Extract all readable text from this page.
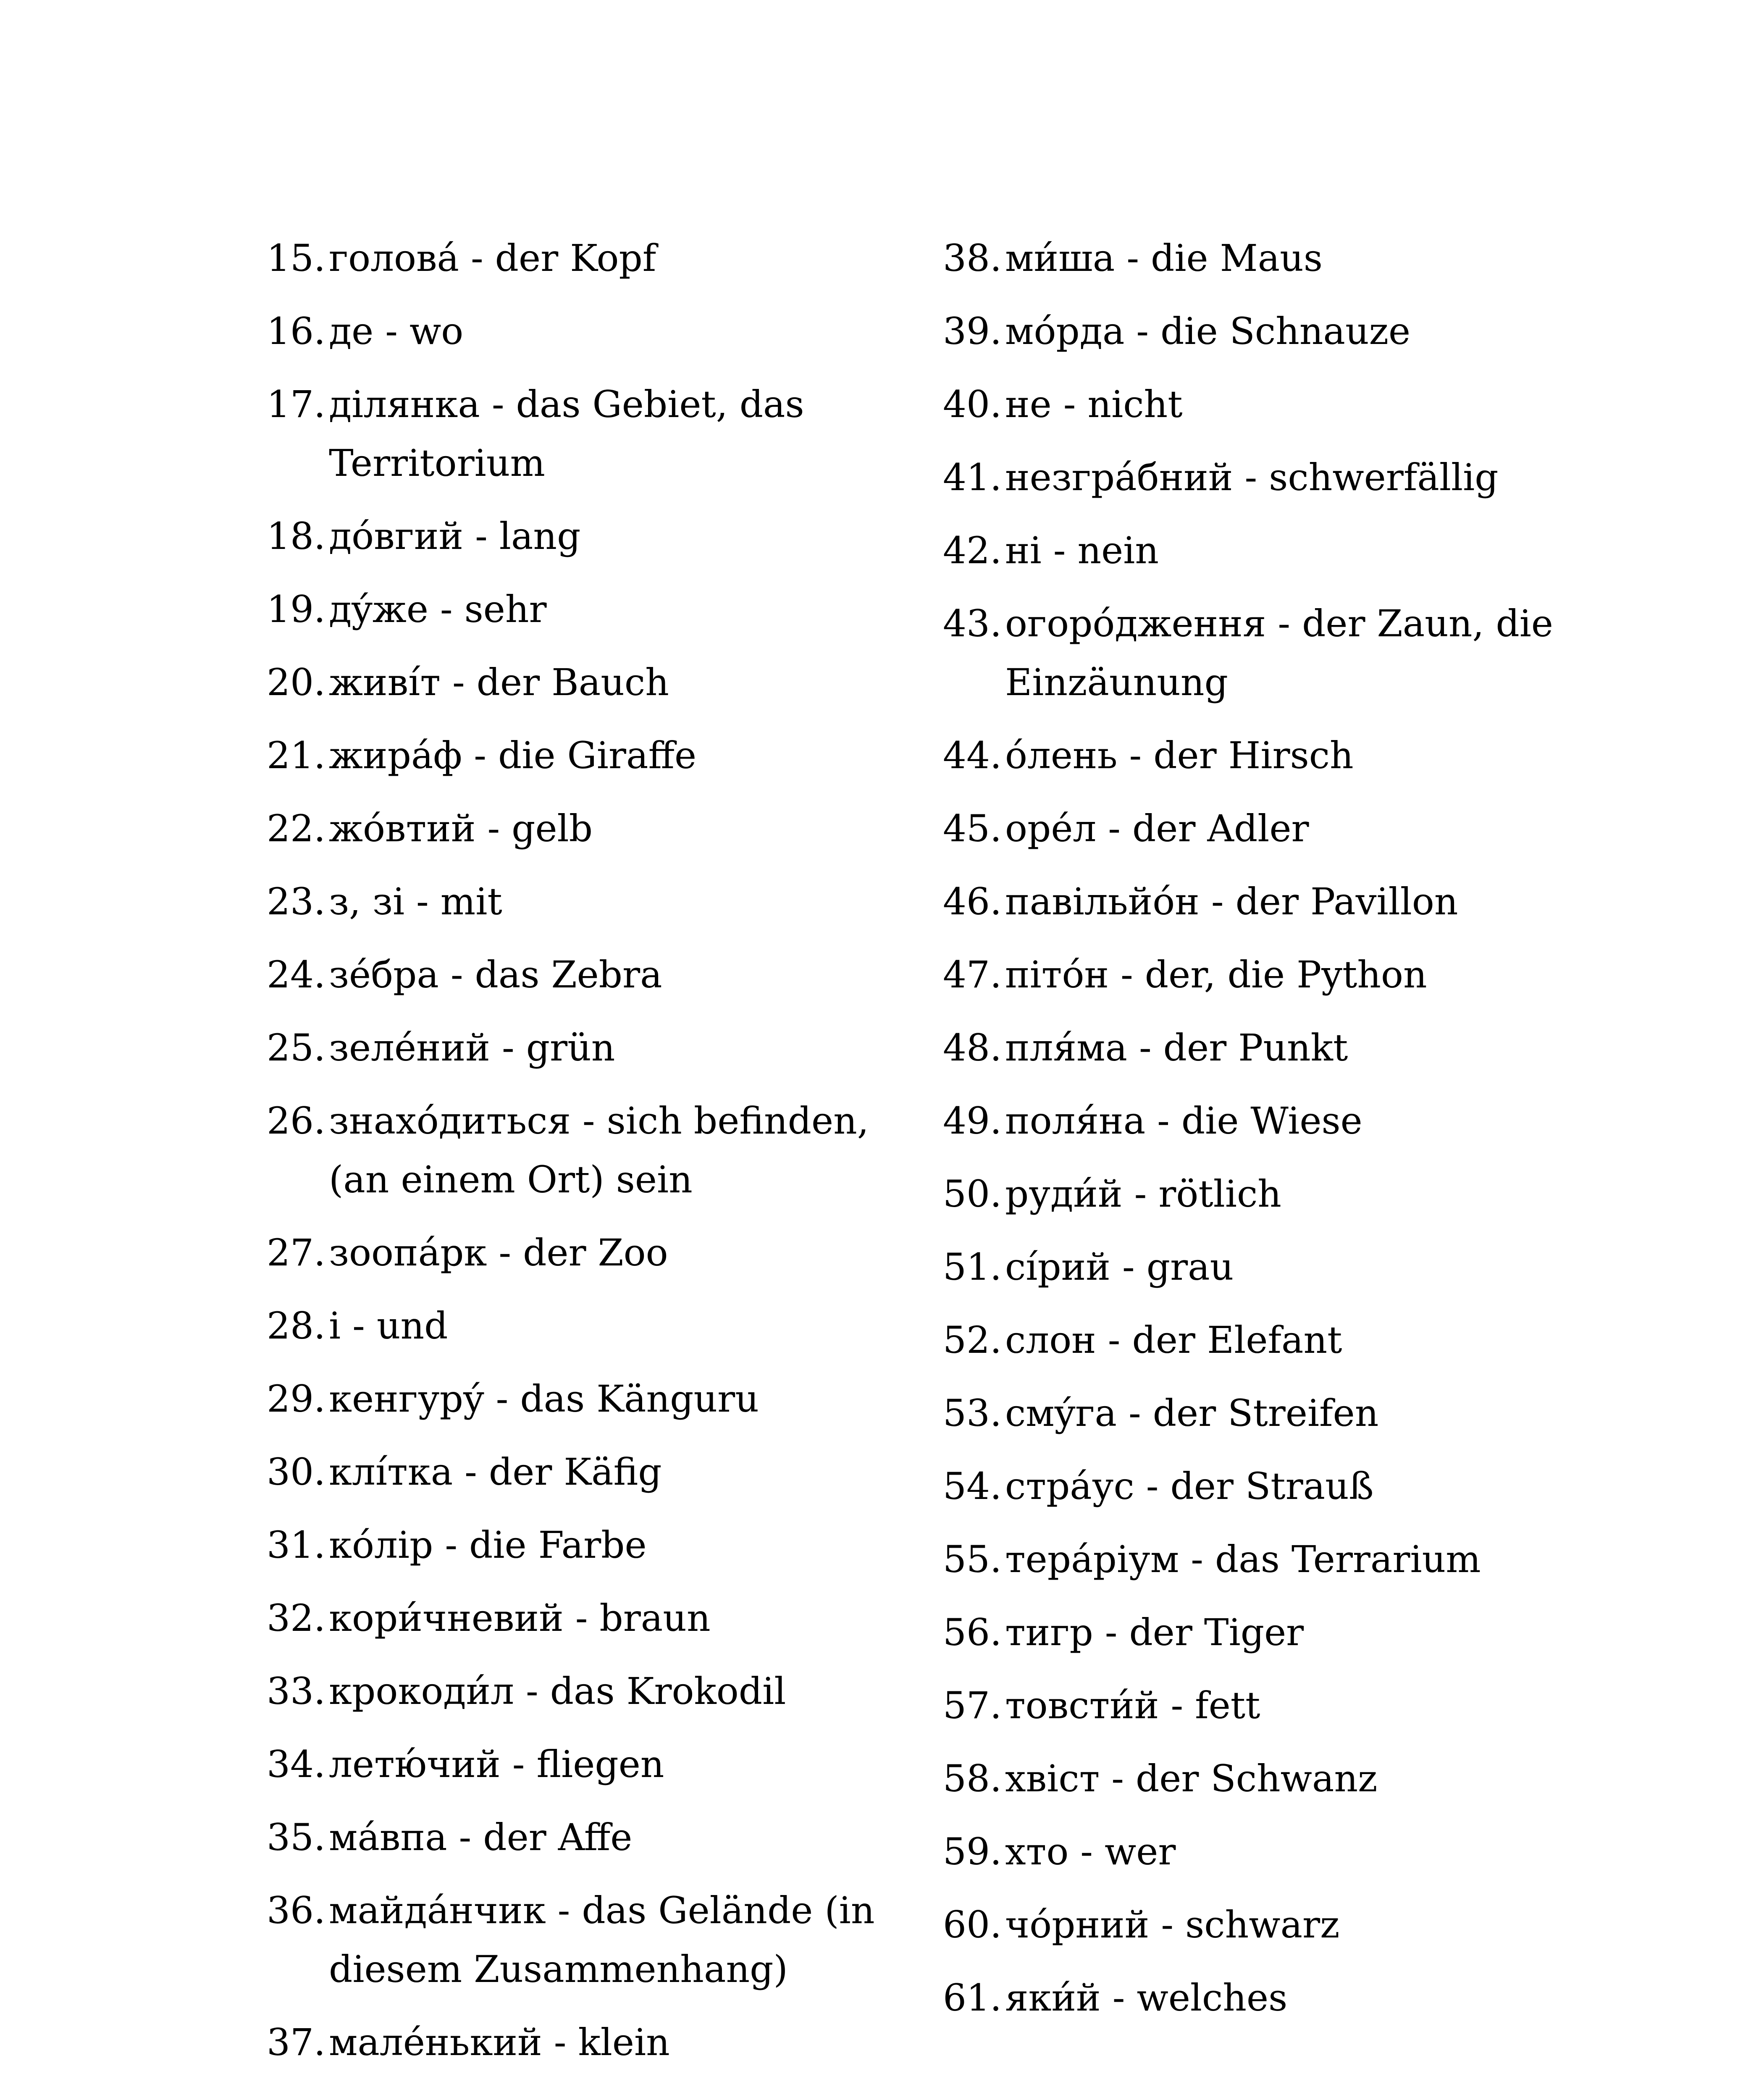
15. головá - der Kopf
16. де - wo
17. ділянка - das Gebiet, das Territorium
18. дóвгий - lang
19. дýже - sehr
20. живíт - der Bauch
21. жирáф - die Giraffe
22. жóвтий - gelb
23. з, зі - mit
24. зéбра - das Zebra
25. зелéний - grün
26. знахóдиться - sich befinden, (an einem Ort) sein
27. зоопáрк - der Zoo
28. і - und
29. кенгурý - das Känguru
30. клíтка - der Käfig
31. кóлір - die Farbe
32. кори́чневий - braun
33. крокоди́л - das Krokodil
34. летю́чий - fliegen
35. мáвпа - der Affe
36. майдáнчик - das Gelände (in diesem Zusammenhang)
37. малéнький - klein
38. ми́ша - die Maus
39. мóрда - die Schnauze
40. не - nicht
41. незгрáбний - schwerfällig
42. ні - nein
43. огорóдження - der Zaun, die Einzäunung
44. óлень - der Hirsch
45. орéл - der Adler
46. павільйóн - der Pavillon
47. пітóн - der, die Python
48. пля́ма - der Punkt
49. поля́на - die Wiese
50. руди́й - rötlich
51. сíрий - grau
52. слон - der Elefant
53. смýга - der Streifen
54. стрáус - der Strauß
55. терáріум - das Terrarium
56. тигр - der Tiger
57. товсти́й - fett
58. хвіст - der Schwanz
59. хто - wer
60. чóрний - schwarz
61. яки́й - welches
